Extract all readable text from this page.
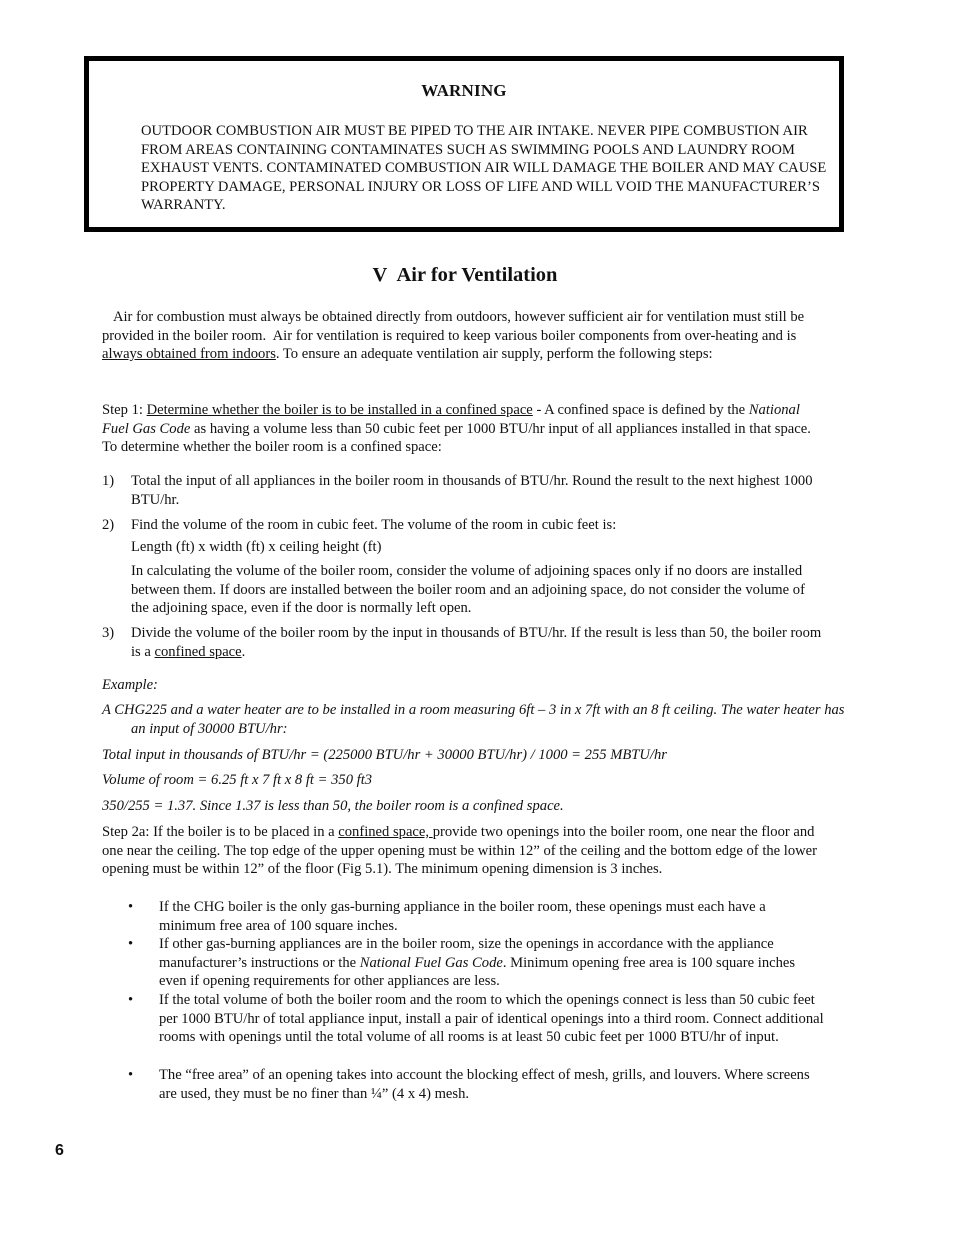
WARNING
OUTDOOR COMBUSTION AIR MUST BE PIPED TO THE AIR INTAKE. NEVER PIPE COMBUSTION AIR FROM AREAS CONTAINING CONTAMINATES SUCH AS SWIMMING POOLS AND LAUNDRY ROOM EXHAUST VENTS. CONTAMINATED COMBUSTION AIR WILL DAMAGE THE BOILER AND MAY CAUSE PROPERTY DAMAGE, PERSONAL INJURY OR LOSS OF LIFE AND WILL VOID THE MANUFACTURER’S WARRANTY.
V Air for Ventilation
Air for combustion must always be obtained directly from outdoors, however sufficient air for ventilation must still be provided in the boiler room.  Air for ventilation is required to keep various boiler components from over-heating and is always obtained from indoors. To ensure an adequate ventilation air supply, perform the following steps:
Step 1: Determine whether the boiler is to be installed in a confined space - A confined space is defined by the National Fuel Gas Code as having a volume less than 50 cubic feet per 1000 BTU/hr input of all appliances installed in that space. To determine whether the boiler room is a confined space:
1) Total the input of all appliances in the boiler room in thousands of BTU/hr. Round the result to the next highest 1000 BTU/hr.
2) Find the volume of the room in cubic feet. The volume of the room in cubic feet is:
Length (ft) x width (ft) x ceiling height (ft)
In calculating the volume of the boiler room, consider the volume of adjoining spaces only if no doors are installed between them. If doors are installed between the boiler room and an adjoining space, do not consider the volume of the adjoining space, even if the door is normally left open.
3) Divide the volume of the boiler room by the input in thousands of BTU/hr. If the result is less than 50, the boiler room is a confined space.
Example:
A CHG225 and a water heater are to be installed in a room measuring 6ft – 3 in x 7ft with an 8 ft ceiling. The water heater has an input of 30000 BTU/hr:
Total input in thousands of BTU/hr = (225000 BTU/hr + 30000 BTU/hr) / 1000 = 255 MBTU/hr
Volume of room = 6.25 ft x 7 ft x 8 ft = 350 ft3
350/255 = 1.37. Since 1.37 is less than 50, the boiler room is a confined space.
Step 2a: If the boiler is to be placed in a confined space, provide two openings into the boiler room, one near the floor and one near the ceiling. The top edge of the upper opening must be within 12” of the ceiling and the bottom edge of the lower opening must be within 12” of the floor (Fig 5.1). The minimum opening dimension is 3 inches.
• If the CHG boiler is the only gas-burning appliance in the boiler room, these openings must each have a minimum free area of 100 square inches.
• If other gas-burning appliances are in the boiler room, size the openings in accordance with the appliance manufacturer’s instructions or the National Fuel Gas Code. Minimum opening free area is 100 square inches even if opening requirements for other appliances are less.
• If the total volume of both the boiler room and the room to which the openings connect is less than 50 cubic feet per 1000 BTU/hr of total appliance input, install a pair of identical openings into a third room. Connect additional rooms with openings until the total volume of all rooms is at least 50 cubic feet per 1000 BTU/hr of input.
• The “free area” of an opening takes into account the blocking effect of mesh, grills, and louvers. Where screens are used, they must be no finer than ¼” (4 x 4) mesh.
6
